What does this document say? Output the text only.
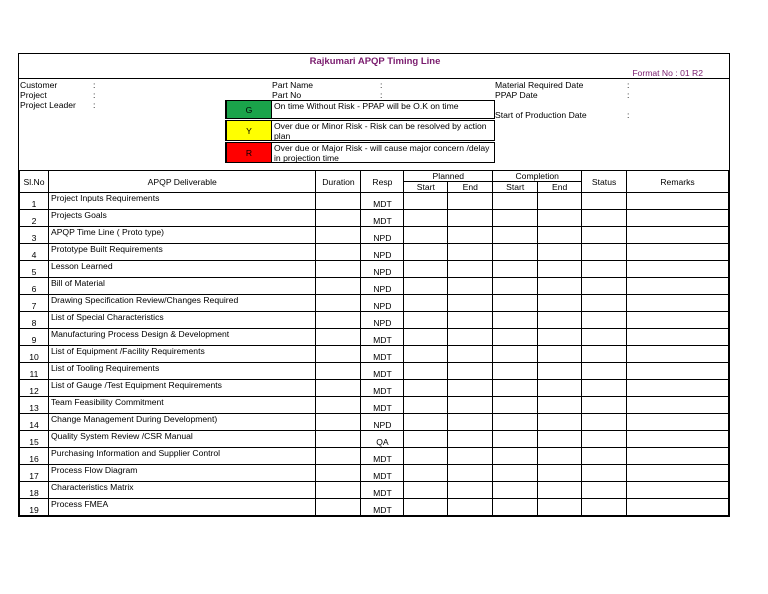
Rajkumari APQP Timing Line
Format No : 01 R2
Customer	:
Project	:
Project Leader :
Part Name	:
Part No	:
Material Required Date	:
PPAP Date	:
Start of Production Date	:
G	On time Without Risk - PPAP will be O.K on time
Y	Over due or Minor Risk - Risk can be resolved by action plan
R	Over due or Major Risk - will cause major concern /delay in projection time
Sl.No	APQP Deliverable	Duration	Resp	Planned		Completion		Status	Remarks
				Start	End	Start	End		
1	Project Inputs Requirements		MDT						
2	Projects Goals		MDT						
3	APQP Time Line ( Proto type)		NPD						
4	Prototype Built Requirements		NPD						
5	Lesson Learned		NPD						
6	Bill of Material		NPD						
7	Drawing Specification Review/Changes Required		NPD						
8	List of Special Characteristics		NPD						
9	Manufacturing Process Design & Development		MDT						
10	List of Equipment /Facility Requirements		MDT						
11	List of Tooling Requirements		MDT						
12	List of Gauge /Test Equipment Requirements		MDT						
13	Team Feasibility Commitment		MDT						
14	Change Management During Development)		NPD						
15	Quality System Review /CSR Manual		QA						
16	Purchasing Information and Supplier Control		MDT						
17	Process Flow Diagram		MDT						
18	Characteristics Matrix		MDT						
19	Process FMEA		MDT						
